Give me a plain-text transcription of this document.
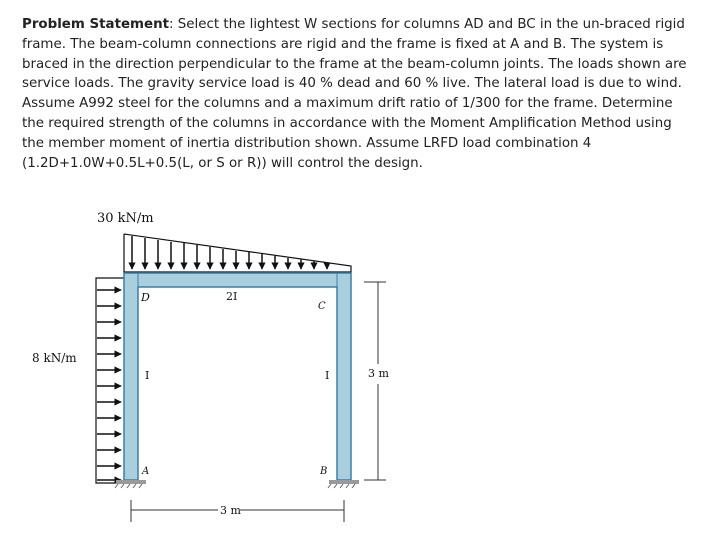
Problem Statement: Select the lightest W sections for columns AD and BC in the un-braced rigid frame. The beam-column connections are rigid and the frame is fixed at A and B. The system is braced in the direction perpendicular to the frame at the beam-column joints. The loads shown are service loads. The gravity service load is 40 % dead and 60 % live. The lateral load is due to wind. Assume A992 steel for the columns and a maximum drift ratio of 1/300 for the frame. Determine the required strength of the columns in accordance with the Moment Amplification Method using the member moment of inertia distribution shown. Assume LRFD load combination 4 (1.2D+1.0W+0.5L+0.5(L, or S or R)) will control the design.
30 kN/m
8 kN/m
D
C
A	B
2I
I	I	3 m
3 m
